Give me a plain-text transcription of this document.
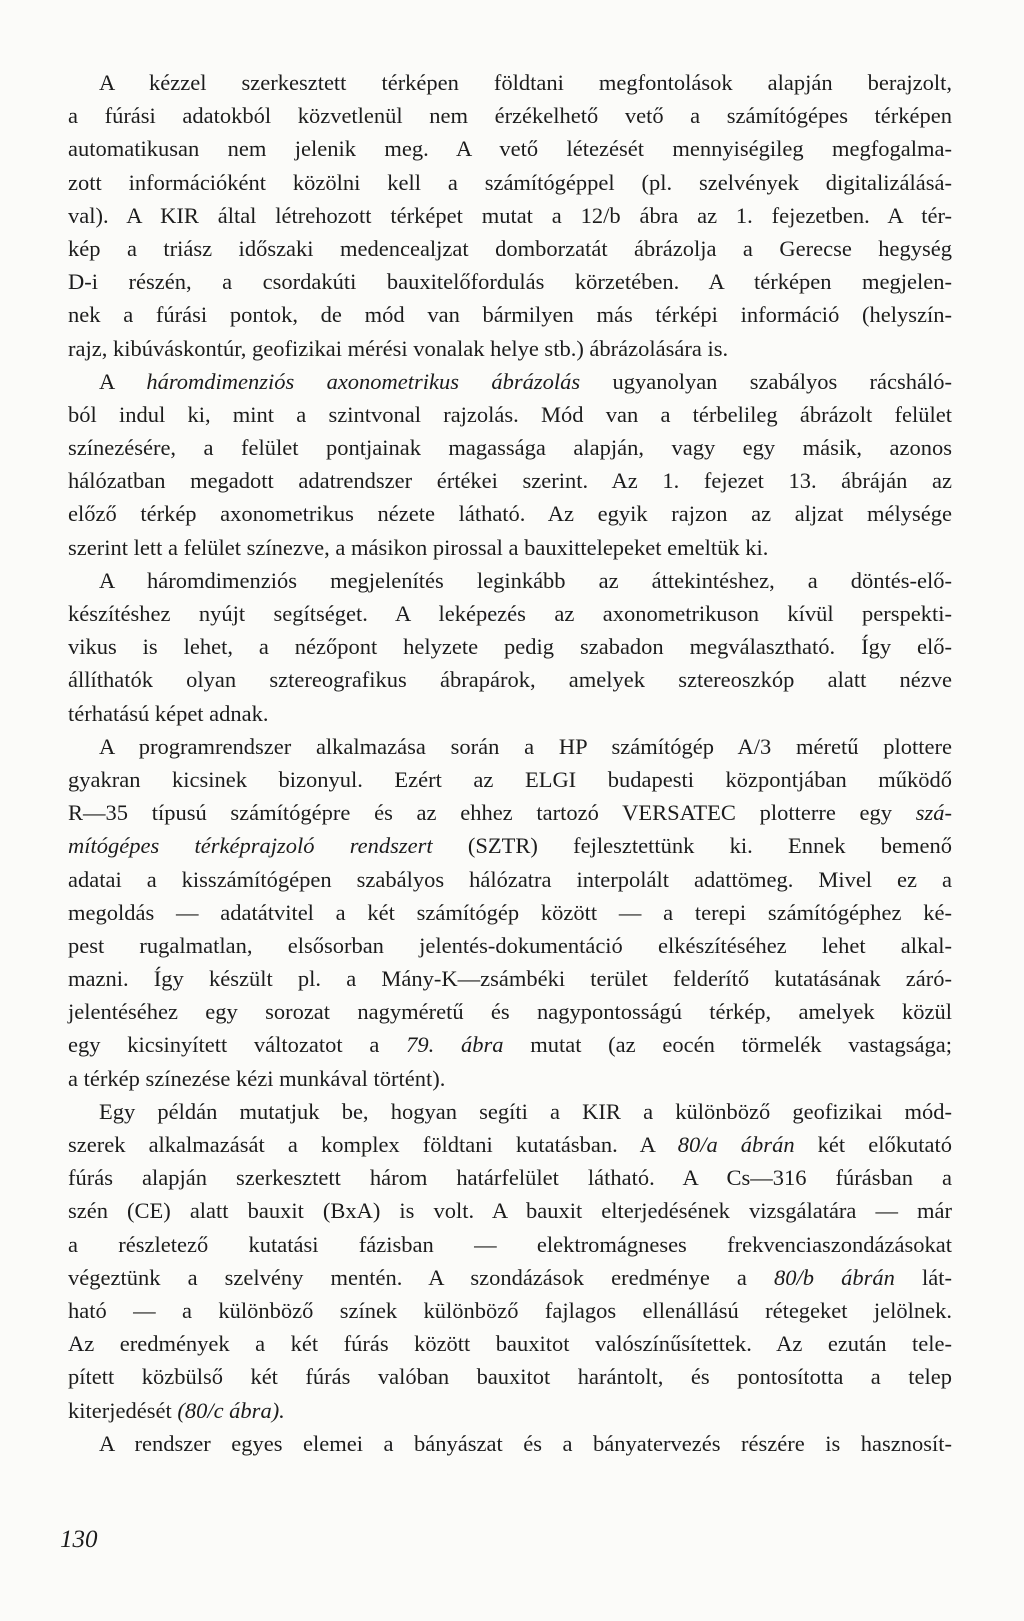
A kézzel szerkesztett térképen földtani megfontolások alapján berajzolt,
a fúrási adatokból közvetlenül nem érzékelhető vető a számítógépes térképen
automatikusan nem jelenik meg. A vető létezését mennyiségileg megfogalma-
zott információként közölni kell a számítógéppel (pl. szelvények digitalizálásá-
val). A KIR által létrehozott térképet mutat a 12/b ábra az 1. fejezetben. A tér-
kép a triász időszaki medencealjzat domborzatát ábrázolja a Gerecse hegység
D-i részén, a csordakúti bauxitelőfordulás körzetében. A térképen megjelen-
nek a fúrási pontok, de mód van bármilyen más térképi információ (helyszín-
rajz, kibúváskontúr, geofizikai mérési vonalak helye stb.) ábrázolására is.
A háromdimenziós axonometrikus ábrázolás ugyanolyan szabályos rácsháló-
ból indul ki, mint a szintvonal rajzolás. Mód van a térbelileg ábrázolt felület
színezésére, a felület pontjainak magassága alapján, vagy egy másik, azonos
hálózatban megadott adatrendszer értékei szerint. Az 1. fejezet 13. ábráján az
előző térkép axonometrikus nézete látható. Az egyik rajzon az aljzat mélysége
szerint lett a felület színezve, a másikon pirossal a bauxittelepeket emeltük ki.
A háromdimenziós megjelenítés leginkább az áttekintéshez, a döntés-elő-
készítéshez nyújt segítséget. A leképezés az axonometrikuson kívül perspekti-
vikus is lehet, a nézőpont helyzete pedig szabadon megválasztható. Így elő-
állíthatók olyan sztereografikus ábrapárok, amelyek sztereoszkóp alatt nézve
térhatású képet adnak.
A programrendszer alkalmazása során a HP számítógép A/3 méretű plottere
gyakran kicsinek bizonyul. Ezért az ELGI budapesti központjában működő
R—35 típusú számítógépre és az ehhez tartozó VERSATEC plotterre egy szá-
mítógépes térképrajzoló rendszert (SZTR) fejlesztettünk ki. Ennek bemenő
adatai a kisszámítógépen szabályos hálózatra interpolált adattömeg. Mivel ez a
megoldás — adatátvitel a két számítógép között — a terepi számítógéphez ké-
pest rugalmatlan, elsősorban jelentés-dokumentáció elkészítéséhez lehet alkal-
mazni. Így készült pl. a Mány-K—zsámbéki terület felderítő kutatásának záró-
jelentéséhez egy sorozat nagyméretű és nagypontosságú térkép, amelyek közül
egy kicsinyített változatot a 79. ábra mutat (az eocén törmelék vastagsága;
a térkép színezése kézi munkával történt).
Egy példán mutatjuk be, hogyan segíti a KIR a különböző geofizikai mód-
szerek alkalmazását a komplex földtani kutatásban. A 80/a ábrán két előkutató
fúrás alapján szerkesztett három határfelület látható. A Cs—316 fúrásban a
szén (CE) alatt bauxit (BxA) is volt. A bauxit elterjedésének vizsgálatára — már
a részletező kutatási fázisban — elektromágneses frekvenciaszondázásokat
végeztünk a szelvény mentén. A szondázások eredménye a 80/b ábrán lát-
ható — a különböző színek különböző fajlagos ellenállású rétegeket jelölnek.
Az eredmények a két fúrás között bauxitot valószínűsítettek. Az ezután tele-
pített közbülső két fúrás valóban bauxitot harántolt, és pontosította a telep
kiterjedését (80/c ábra).
A rendszer egyes elemei a bányászat és a bányatervezés részére is hasznosít-
130
